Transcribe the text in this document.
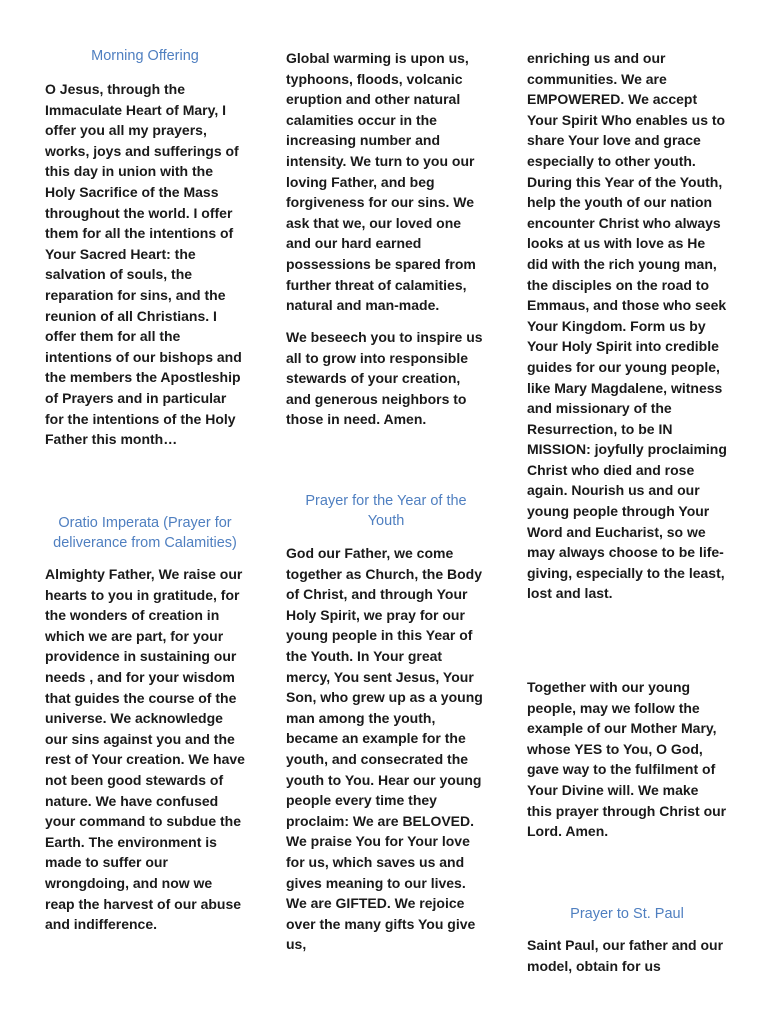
Morning Offering

O Jesus, through the Immaculate Heart of Mary, I offer you all my prayers, works, joys and sufferings of this day in union with the Holy Sacrifice of the Mass throughout the world. I offer them for all the intentions of Your Sacred Heart: the salvation of souls, the reparation for sins, and the reunion of all Christians. I offer them for all the intentions of our bishops and the members the Apostleship of Prayers and in particular for the intentions of the Holy Father this month…

Oratio Imperata (Prayer for deliverance from Calamities)

Almighty Father, We raise our hearts to you in gratitude, for the wonders of creation in which we are part, for your providence in sustaining our needs , and for your wisdom that guides the course of the universe. We acknowledge our sins against you and the rest of Your creation. We have not been good stewards of nature. We have confused your command to subdue the Earth. The environment is made to suffer our wrongdoing, and now we reap the harvest of our abuse and indifference.

Global warming is upon us, typhoons, floods, volcanic eruption and other natural calamities occur in the increasing number and intensity. We turn to you our loving Father, and beg forgiveness for our sins. We ask that we, our loved one and our hard earned possessions be spared from further threat of calamities, natural and man-made.

We beseech you to inspire us all to grow into responsible stewards of your creation, and generous neighbors to those in need. Amen.

Prayer for the Year of the Youth

God our Father, we come together as Church, the Body of Christ, and through Your Holy Spirit, we pray for our young people in this Year of the Youth. In Your great mercy, You sent Jesus, Your Son, who grew up as a young man among the youth, became an example for the youth, and consecrated the youth to You. Hear our young people every time they proclaim: We are BELOVED. We praise You for Your love for us, which saves us and gives meaning to our lives. We are GIFTED. We rejoice over the many gifts You give us,

enriching us and our communities. We are EMPOWERED. We accept Your Spirit Who enables us to share Your love and grace especially to other youth. During this Year of the Youth, help the youth of our nation encounter Christ who always looks at us with love as He did with the rich young man, the disciples on the road to Emmaus, and those who seek Your Kingdom. Form us by Your Holy Spirit into credible guides for our young people, like Mary Magdalene, witness and missionary of the Resurrection, to be IN MISSION: joyfully proclaiming Christ who died and rose again. Nourish us and our young people through Your Word and Eucharist, so we may always choose to be life-giving, especially to the least, lost and last.

Together with our young people, may we follow the example of our Mother Mary, whose YES to You, O God, gave way to the fulfilment of Your Divine will. We make this prayer through Christ our Lord. Amen.

Prayer to St. Paul

Saint Paul, our father and our model, obtain for us
